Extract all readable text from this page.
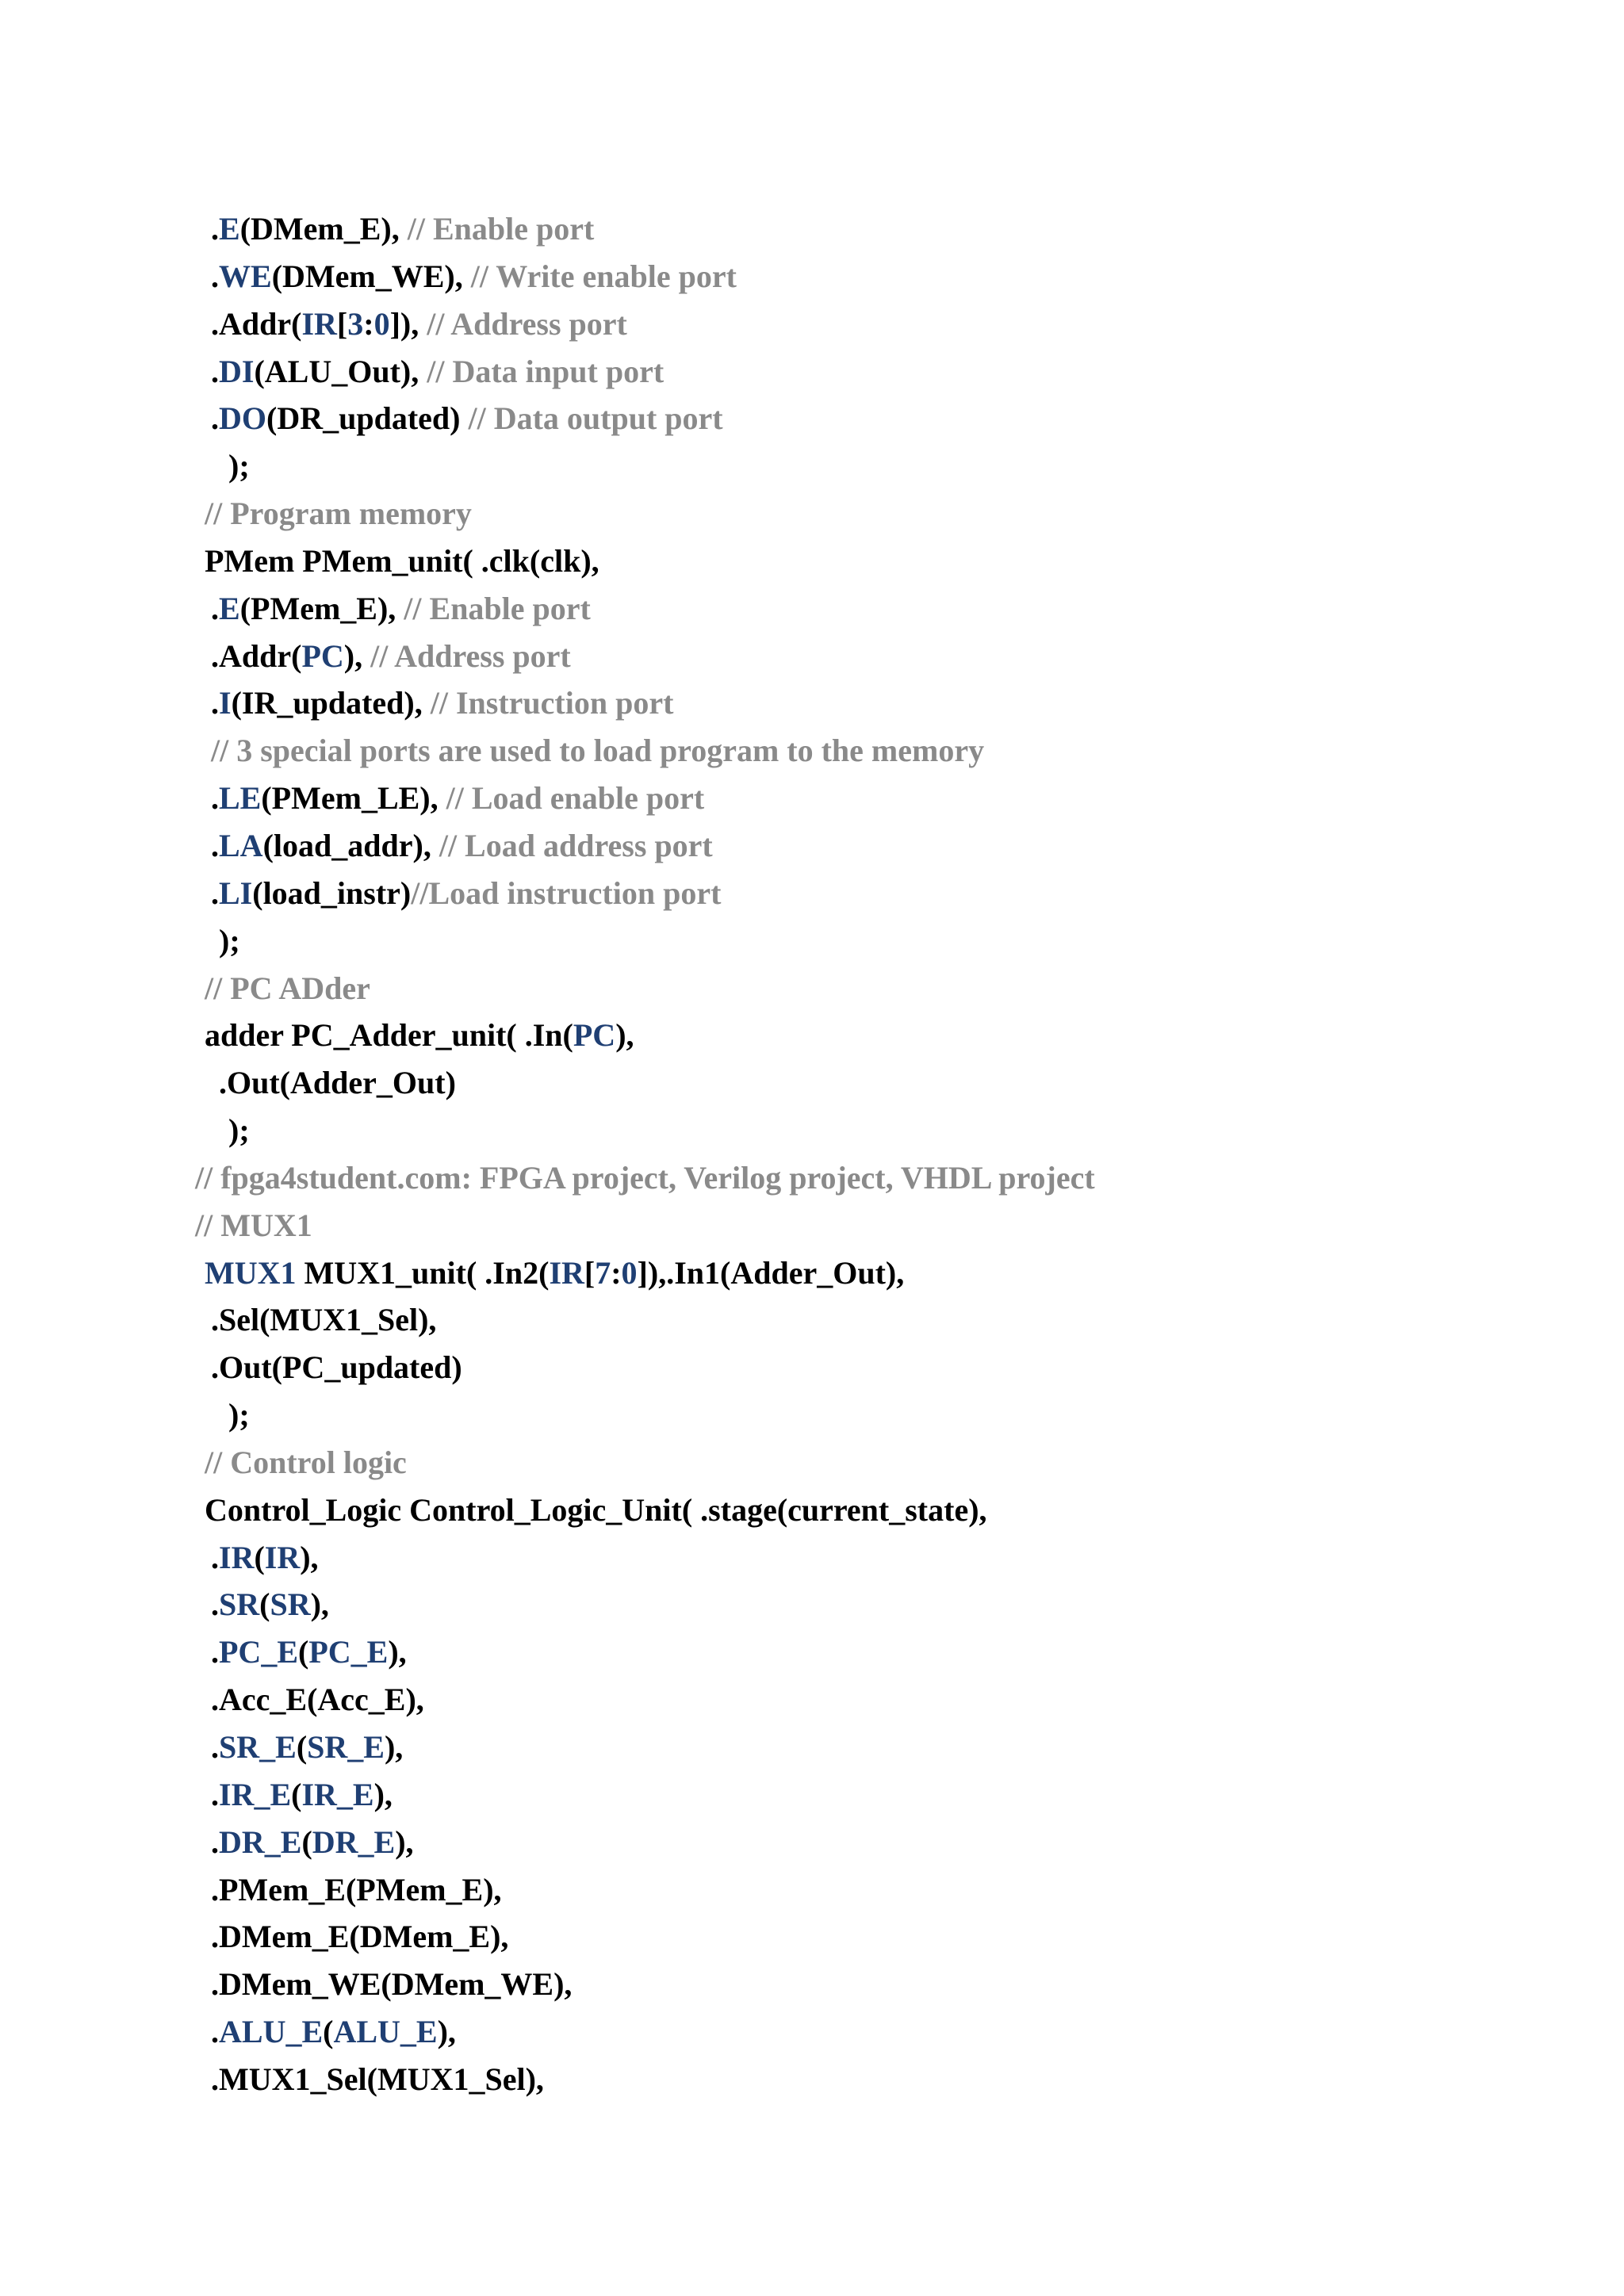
.E(DMem_E), // Enable port
.WE(DMem_WE), // Write enable port
.Addr(IR[3:0]), // Address port
.DI(ALU_Out), // Data input port
.DO(DR_updated) // Data output port
);
// Program memory
PMem PMem_unit( .clk(clk),
.E(PMem_E), // Enable port
.Addr(PC), // Address port
.I(IR_updated), // Instruction port
// 3 special ports are used to load program to the memory
.LE(PMem_LE), // Load enable port
.LA(load_addr), // Load address port
.LI(load_instr)//Load instruction port
);
// PC ADder
adder PC_Adder_unit( .In(PC),
.Out(Adder_Out)
);
// fpga4student.com: FPGA project, Verilog project, VHDL project
// MUX1
MUX1 MUX1_unit( .In2(IR[7:0]),.In1(Adder_Out),
.Sel(MUX1_Sel),
.Out(PC_updated)
);
// Control logic
Control_Logic Control_Logic_Unit( .stage(current_state),
.IR(IR),
.SR(SR),
.PC_E(PC_E),
.Acc_E(Acc_E),
.SR_E(SR_E),
.IR_E(IR_E),
.DR_E(DR_E),
.PMem_E(PMem_E),
.DMem_E(DMem_E),
.DMem_WE(DMem_WE),
.ALU_E(ALU_E),
.MUX1_Sel(MUX1_Sel),
